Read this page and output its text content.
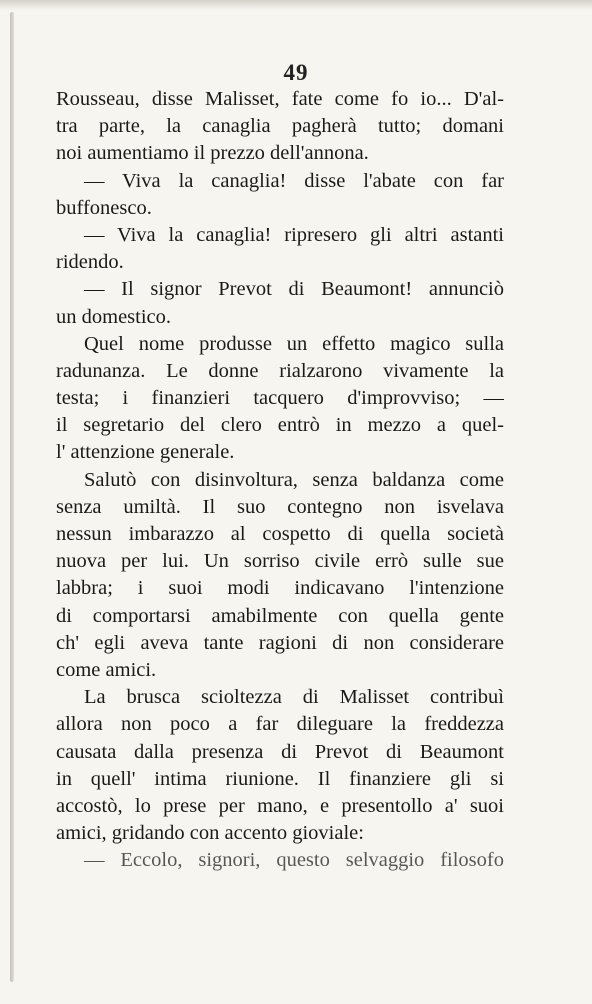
49
Rousseau, disse Malisset, fate come fo io... D'al-
tra parte, la canaglia pagherà tutto; domani
noi aumentiamo il prezzo dell'annona.
— Viva la canaglia! disse l'abate con far
buffonesco.
— Viva la canaglia! ripresero gli altri astanti
ridendo.
— Il signor Prevot di Beaumont! annunciò
un domestico.
Quel nome produsse un effetto magico sulla
radunanza. Le donne rialzarono vivamente la
testa; i finanzieri tacquero d'improvviso; —
il segretario del clero entrò in mezzo a quel-
l' attenzione generale.
Salutò con disinvoltura, senza baldanza come
senza umiltà. Il suo contegno non isvelava
nessun imbarazzo al cospetto di quella società
nuova per lui. Un sorriso civile errò sulle sue
labbra; i suoi modi indicavano l'intenzione
di comportarsi amabilmente con quella gente
ch' egli aveva tante ragioni di non considerare
come amici.
La brusca scioltezza di Malisset contribuì
allora non poco a far dileguare la freddezza
causata dalla presenza di Prevot di Beaumont
in quell' intima riunione. Il finanziere gli si
accostò, lo prese per mano, e presentollo a' suoi
amici, gridando con accento gioviale:
— Eccolo, signori, questo selvaggio filosofo
